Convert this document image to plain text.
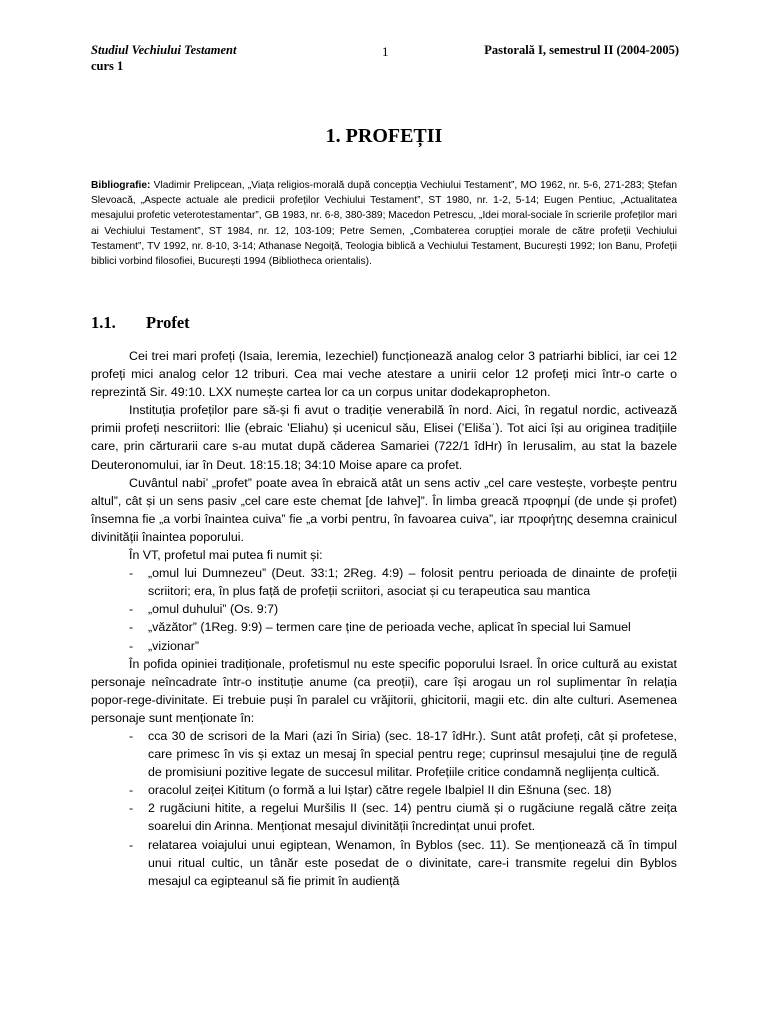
Studiul Vechiului Testament
curs 1
1	Pastorală I, semestrul II (2004-2005)
1. PROFEȚII
Bibliografie: Vladimir Prelipcean, „Viața religios-morală după concepția Vechiului Testament”, MO 1962, nr. 5-6, 271-283; Ștefan Slevoacă, „Aspecte actuale ale predicii profeților Vechiului Testament”, ST 1980, nr. 1-2, 5-14; Eugen Pentiuc, „Actualitatea mesajului profetic veterotestamentar”, GB 1983, nr. 6-8, 380-389; Macedon Petrescu, „Idei moral-sociale în scrierile profeților mari ai Vechiului Testament”, ST 1984, nr. 12, 103-109; Petre Semen, „Combaterea corupției morale de către profeții Vechiului Testament”, TV 1992, nr. 8-10, 3-14; Athanase Negoiță, Teologia biblică a Vechiului Testament, București 1992; Ion Banu, Profeții biblici vorbind filosofiei, București 1994 (Bibliotheca orientalis).
1.1. Profet

Cei trei mari profeți (Isaia, Ieremia, Iezechiel) funcționează analog celor 3 patriarhi biblici, iar cei 12 profeți mici analog celor 12 triburi. Cea mai veche atestare a unirii celor 12 profeți mici într-o carte o reprezintă Sir. 49:10. LXX numește cartea lor ca un corpus unitar dodekapropheton.

Instituția profeților pare să-și fi avut o tradiție venerabilă în nord. Aici, în regatul nordic, activează primii profeți nescriitori: Ilie (ebraic ’Eliahu) și ucenicul său, Elisei (’Elišaʿ). Tot aici își au originea tradițiile care, prin cărturarii care s-au mutat după căderea Samariei (722/1 îdHr) în Ierusalim, au stat la bazele Deuteronomului, iar în Deut. 18:15.18; 34:10 Moise apare ca profet.

Cuvântul nabi’ „profet” poate avea în ebraică atât un sens activ „cel care vestește, vorbește pentru altul”, cât și un sens pasiv „cel care este chemat [de Iahve]”. În limba greacă προφημί (de unde și profet) însemna fie „a vorbi înaintea cuiva” fie „a vorbi pentru, în favoarea cuiva”, iar προφήτης desemna crainicul divinității înaintea poporului.

În VT, profetul mai putea fi numit și:

- „omul lui Dumnezeu” (Deut. 33:1; 2Reg. 4:9) – folosit pentru perioada de dinainte de profeții scriitori; era, în plus față de profeții scriitori, asociat și cu terapeutica sau mantica
- „omul duhului” (Os. 9:7)
- „văzător” (1Reg. 9:9) – termen care ține de perioada veche, aplicat în special lui Samuel
- „vizionar”

În pofida opiniei tradiționale, profetismul nu este specific poporului Israel. În orice cultură au existat personaje neîncadrate într-o instituție anume (ca preoții), care își arogau un rol suplimentar în relația popor-rege-divinitate. Ei trebuie puși în paralel cu vrăjitorii, ghicitorii, magii etc. din alte culturi. Asemenea personaje sunt menționate în:

- cca 30 de scrisori de la Mari (azi în Siria) (sec. 18-17 îdHr.). Sunt atât profeți, cât și profetese, care primesc în vis și extaz un mesaj în special pentru rege; cuprinsul mesajului ține de regulă de promisiuni pozitive legate de succesul militar. Profețiile critice condamnă neglijența cultică.
- oracolul zeiței Kititum (o formă a lui Iștar) către regele Ibalpiel II din Ešnuna (sec. 18)
- 2 rugăciuni hitite, a regelui Muršilis II (sec. 14) pentru ciumă și o rugăciune regală către zeița soarelui din Arinna. Menționat mesajul divinității încredințat unui profet.
- relatarea voiajului unui egiptean, Wenamon, în Byblos (sec. 11). Se menționează că în timpul unui ritual cultic, un tânăr este posedat de o divinitate, care-i transmite regelui din Byblos mesajul ca egipteanul să fie primit în audiență
